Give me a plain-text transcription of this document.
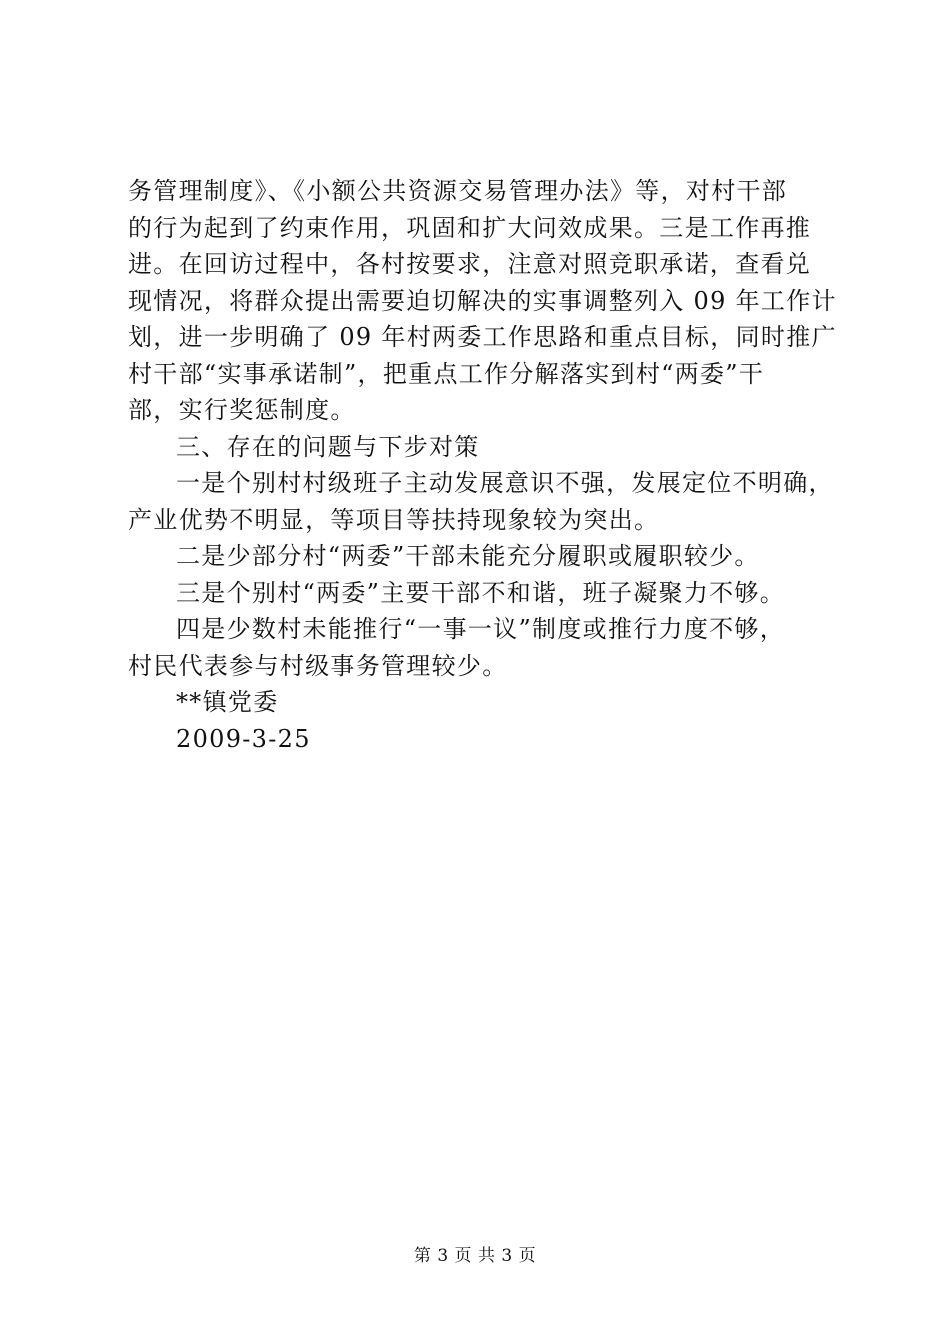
务管理制度》、《小额公共资源交易管理办法》等，对村干部
的行为起到了约束作用，巩固和扩大问效成果。三是工作再推
进。在回访过程中，各村按要求，注意对照竞职承诺，查看兑
现情况，将群众提出需要迫切解决的实事调整列入 09 年工作计
划，进一步明确了 09 年村两委工作思路和重点目标，同时推广
村干部“实事承诺制”，把重点工作分解落实到村“两委”干
部，实行奖惩制度。
三、存在的问题与下步对策
一是个别村村级班子主动发展意识不强，发展定位不明确，
产业优势不明显，等项目等扶持现象较为突出。
二是少部分村“两委”干部未能充分履职或履职较少。
三是个别村“两委”主要干部不和谐，班子凝聚力不够。
四是少数村未能推行“一事一议”制度或推行力度不够，
村民代表参与村级事务管理较少。
**镇党委
2009-3-25
第 3 页 共 3 页
